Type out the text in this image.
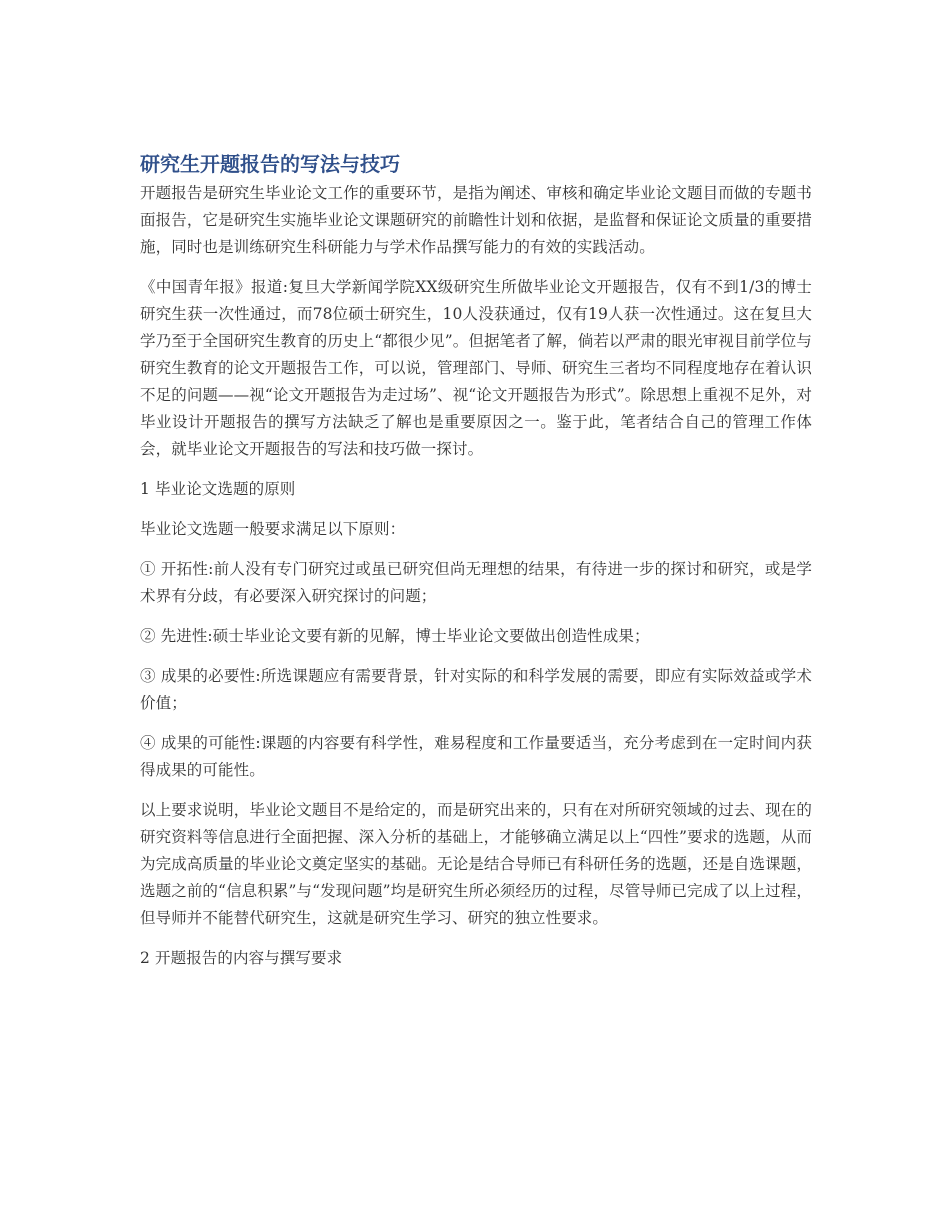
研究生开题报告的写法与技巧

开题报告是研究生毕业论文工作的重要环节，是指为阐述、审核和确定毕业论文题目而做的专题书面报告，它是研究生实施毕业论文课题研究的前瞻性计划和依据，是监督和保证论文质量的重要措施，同时也是训练研究生科研能力与学术作品撰写能力的有效的实践活动。

《中国青年报》报道:复旦大学新闻学院XX级研究生所做毕业论文开题报告，仅有不到1/3的博士研究生获一次性通过，而78位硕士研究生，10人没获通过，仅有19人获一次性通过。这在复旦大学乃至于全国研究生教育的历史上“都很少见”。但据笔者了解，倘若以严肃的眼光审视目前学位与研究生教育的论文开题报告工作，可以说，管理部门、导师、研究生三者均不同程度地存在着认识不足的问题——视“论文开题报告为走过场”、视“论文开题报告为形式”。除思想上重视不足外，对毕业设计开题报告的撰写方法缺乏了解也是重要原因之一。鉴于此，笔者结合自己的管理工作体会，就毕业论文开题报告的写法和技巧做一探讨。

1 毕业论文选题的原则

毕业论文选题一般要求满足以下原则：

① 开拓性:前人没有专门研究过或虽已研究但尚无理想的结果，有待进一步的探讨和研究，或是学术界有分歧，有必要深入研究探讨的问题；

② 先进性:硕士毕业论文要有新的见解，博士毕业论文要做出创造性成果；

③ 成果的必要性:所选课题应有需要背景，针对实际的和科学发展的需要，即应有实际效益或学术价值；

④ 成果的可能性:课题的内容要有科学性，难易程度和工作量要适当，充分考虑到在一定时间内获得成果的可能性。

以上要求说明，毕业论文题目不是给定的，而是研究出来的，只有在对所研究领域的过去、现在的研究资料等信息进行全面把握、深入分析的基础上，才能够确立满足以上“四性”要求的选题，从而为完成高质量的毕业论文奠定坚实的基础。无论是结合导师已有科研任务的选题，还是自选课题，选题之前的“信息积累”与“发现问题”均是研究生所必须经历的过程，尽管导师已完成了以上过程，但导师并不能替代研究生，这就是研究生学习、研究的独立性要求。

2 开题报告的内容与撰写要求
